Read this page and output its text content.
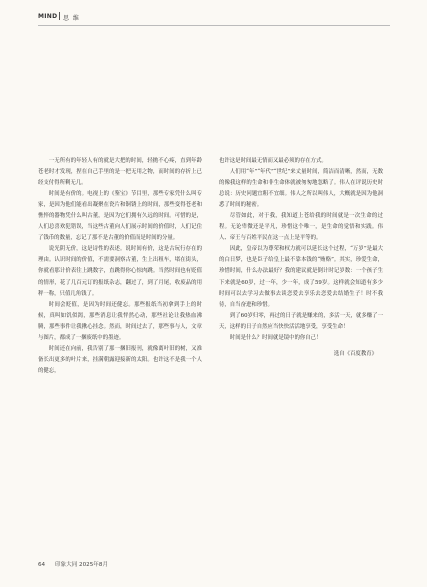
MIND 思 维

一无所有的年轻人有的就是大把的时间，轻抛不心疼，直到年龄苍老时才发现，捏在自己手里的是一把无用之物，而时间的存折上已经支付得所剩无几。

时间是有价的。电视上的《鉴宝》节目里，那些专家凭什么叫专家，是因为他们能看出凝聚在瓷片和铜锈上的时间，那些变得苍老和憔悴的器物凭什么叫古董，是因为它们拥有久远的时间。可惜的是，人们总喜欢犯错误，当这些古董向人们展示时间的价值时，人们记住了钱币的数量，忘记了那不是古董的价值而是时间的分量。

说光阴无价，这是诗性的表述。说时间有价，这是古玩行存在的理由。认识时间的价值，不需要洞察古董，生上出租车，堵在街头，你就看那计价表往上跳数字，直跳得你心惊肉跳。当然时间也有贬值的情形，花了几百元订的报纸杂志，翻过了，到了月尾，收废品的用秤一称，只值几角钱了。

时间会贬值，是因为时间还健忘。那些报纸当初拿到手上的时候，真叫如饥似渴，那些消息让我怦然心动，那些社论让我热血沸腾，那些事件让我揪心挂念。然而，时间过去了，那些事与人，文章与图片，都成了一捆废纸中的墨迹。

时间还在向前，我告别了那一捆旧报刊，就像离叶旧的树，又准备长出更多的叶片来，挂满朝露迎接新的太阳。也许这不是我一个人的健忘，

也许这是时间最无情而又最必须的存在方式。

人们用“年”“年代”“世纪”来丈量时间，简洁而清晰，然而，无数的像我这样的生命和非生命体就被匆匆地忽略了。伟人在评说历史时总说：历史问题宜粗不宜细。伟人之所以叫伟人，大概就是因为他洞悉了时间的秘密。

尽管如此，对于我，我知道上苍给我的时间就是一次生命的过程。无论卑微还是平凡，珍惜这个唯一，是生命的觉悟和实践。伟人、帝王与百姓平民在这一点上是平等的。

因此，皇帝以为尊荣和权力就可以延长这个过程，“万岁”是最大的白日梦，也是臣子给皇上最不靠本钱的“贿赂”。其实，珍爱生命，珍惜时间，什么办法最好？我的建议就是倒计时记岁数：一个孩子生下来就是60岁，过一年，少一年，成了59岁。这样就会知道有多少时间可以去学习去做事去谈恋爱去享乐去恋爱去结婚生子！时不我待，自当奋进和珍惜。

到了60岁归零，再过的日子就是赚来的，多活一天，就多赚了一天，这样的日子自然应当快快活活地享受，享受生命！

时间是什么？时间就是镜中的你自己！

选自《百度教育》

64 印象大同 2025年8月
